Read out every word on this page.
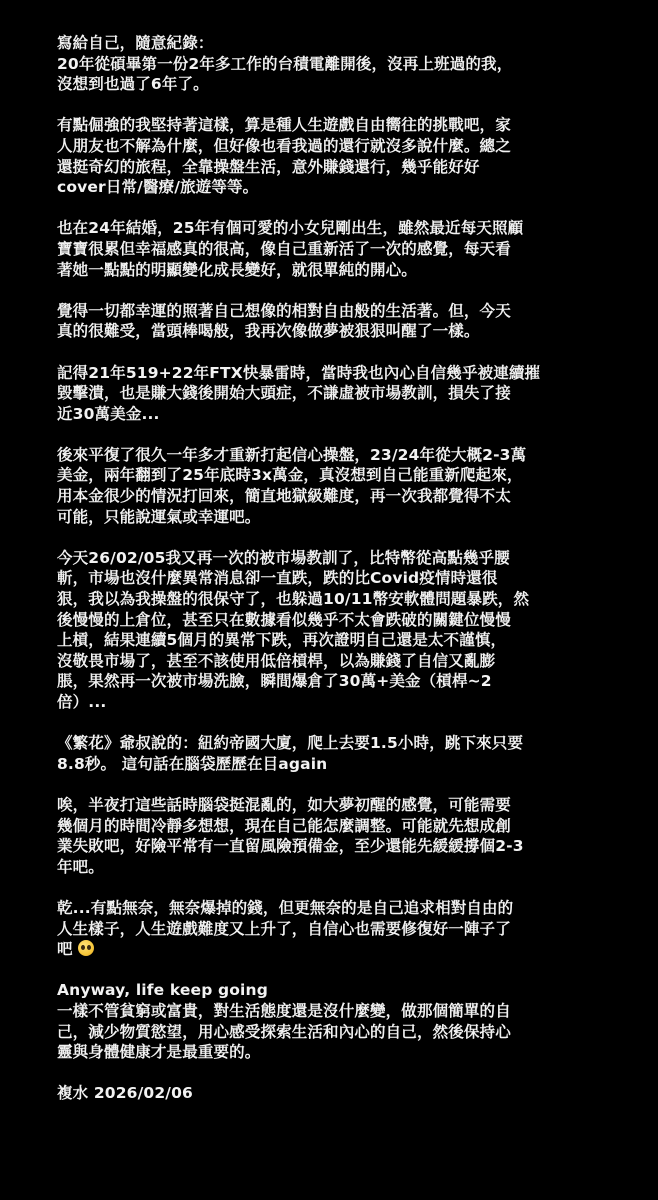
寫給自己，隨意紀錄：
20年從碩畢第一份2年多工作的台積電離開後，沒再上班過的我，
沒想到也過了6年了。
有點倔強的我堅持著這樣，算是種人生遊戲自由嚮往的挑戰吧，家
人朋友也不解為什麼，但好像也看我過的還行就沒多說什麼。總之
還挺奇幻的旅程，全靠操盤生活，意外賺錢還行，幾乎能好好
cover日常/醫療/旅遊等等。
也在24年結婚，25年有個可愛的小女兒剛出生，雖然最近每天照顧
寶寶很累但幸福感真的很高，像自己重新活了一次的感覺，每天看
著她一點點的明顯變化成長變好，就很單純的開心。
覺得一切都幸運的照著自己想像的相對自由般的生活著。但，今天
真的很難受，當頭棒喝般，我再次像做夢被狠狠叫醒了一樣。
記得21年519+22年FTX快暴雷時，當時我也內心自信幾乎被連續摧
毀擊潰，也是賺大錢後開始大頭症，不謙虛被市場教訓，損失了接
近30萬美金...
後來平復了很久一年多才重新打起信心操盤，23/24年從大概2-3萬
美金，兩年翻到了25年底時3x萬金，真沒想到自己能重新爬起來，
用本金很少的情況打回來，簡直地獄級難度，再一次我都覺得不太
可能，只能說運氣或幸運吧。
今天26/02/05我又再一次的被市場教訓了，比特幣從高點幾乎腰
斬，市場也沒什麼異常消息卻一直跌，跌的比Covid疫情時還很
狠，我以為我操盤的很保守了，也躲過10/11幣安軟體問題暴跌，然
後慢慢的上倉位，甚至只在數據看似幾乎不太會跌破的關鍵位慢慢
上槓，結果連續5個月的異常下跌，再次證明自己還是太不謹慎，
沒敬畏市場了，甚至不該使用低倍槓桿，以為賺錢了自信又亂膨
脹，果然再一次被市場洗臉，瞬間爆倉了30萬+美金（槓桿~2
倍）...
《繁花》爺叔說的：紐約帝國大廈，爬上去要1.5小時，跳下來只要
8.8秒。 這句話在腦袋歷歷在目again
唉，半夜打這些話時腦袋挺混亂的，如大夢初醒的感覺，可能需要
幾個月的時間冷靜多想想，現在自己能怎麼調整。可能就先想成創
業失敗吧，好險平常有一直留風險預備金，至少還能先緩緩撐個2-3
年吧。
乾...有點無奈，無奈爆掉的錢，但更無奈的是自己追求相對自由的
人生樣子，人生遊戲難度又上升了，自信心也需要修復好一陣子了
吧
Anyway, life keep going
一樣不管貧窮或富貴，對生活態度還是沒什麼變，做那個簡單的自
己，減少物質慾望，用心感受探索生活和內心的自己，然後保持心
靈與身體健康才是最重要的。
複水 2026/02/06
